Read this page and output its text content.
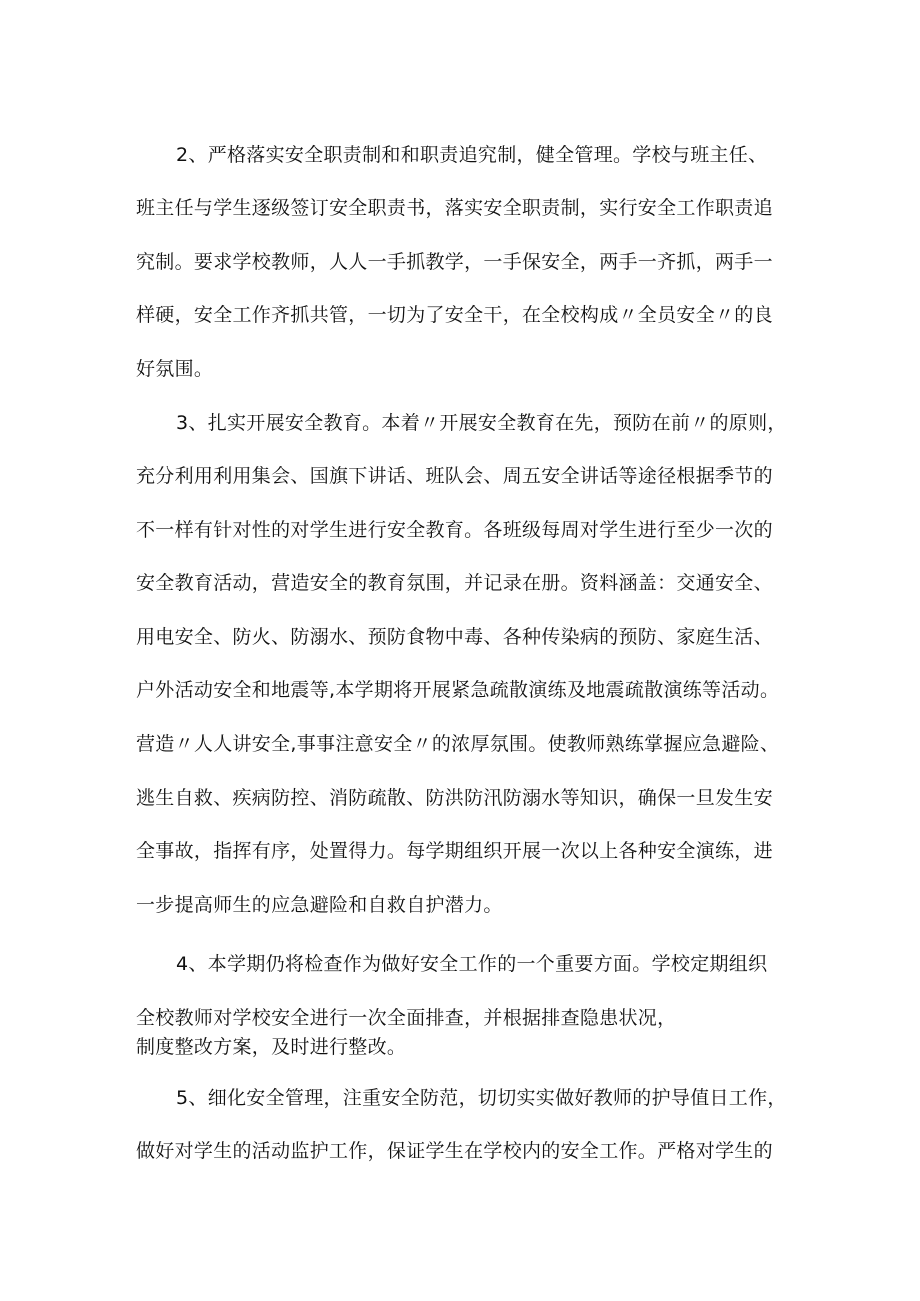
2、严格落实安全职责制和和职责追究制，健全管理。学校与班主任、
班主任与学生逐级签订安全职责书，落实安全职责制，实行安全工作职责追
究制。要求学校教师，人人一手抓教学，一手保安全，两手一齐抓，两手一
样硬，安全工作齐抓共管，一切为了安全干，在全校构成〃全员安全〃的良
好氛围。
3、扎实开展安全教育。本着〃开展安全教育在先，预防在前〃的原则，
充分利用利用集会、国旗下讲话、班队会、周五安全讲话等途径根据季节的
不一样有针对性的对学生进行安全教育。各班级每周对学生进行至少一次的
安全教育活动，营造安全的教育氛围，并记录在册。资料涵盖：交通安全、
用电安全、防火、防溺水、预防食物中毒、各种传染病的预防、家庭生活、
户外活动安全和地震等,本学期将开展紧急疏散演练及地震疏散演练等活动。
营造〃人人讲安全,事事注意安全〃的浓厚氛围。使教师熟练掌握应急避险、
逃生自救、疾病防控、消防疏散、防洪防汛防溺水等知识，确保一旦发生安
全事故，指挥有序，处置得力。每学期组织开展一次以上各种安全演练，进
一步提高师生的应急避险和自救自护潜力。
4、本学期仍将检查作为做好安全工作的一个重要方面。学校定期组织
全校教师对学校安全进行一次全面排查，并根据排查隐患状况，
制度整改方案，及时进行整改。
5、细化安全管理，注重安全防范，切切实实做好教师的护导值日工作，
做好对学生的活动监护工作，保证学生在学校内的安全工作。严格对学生的
